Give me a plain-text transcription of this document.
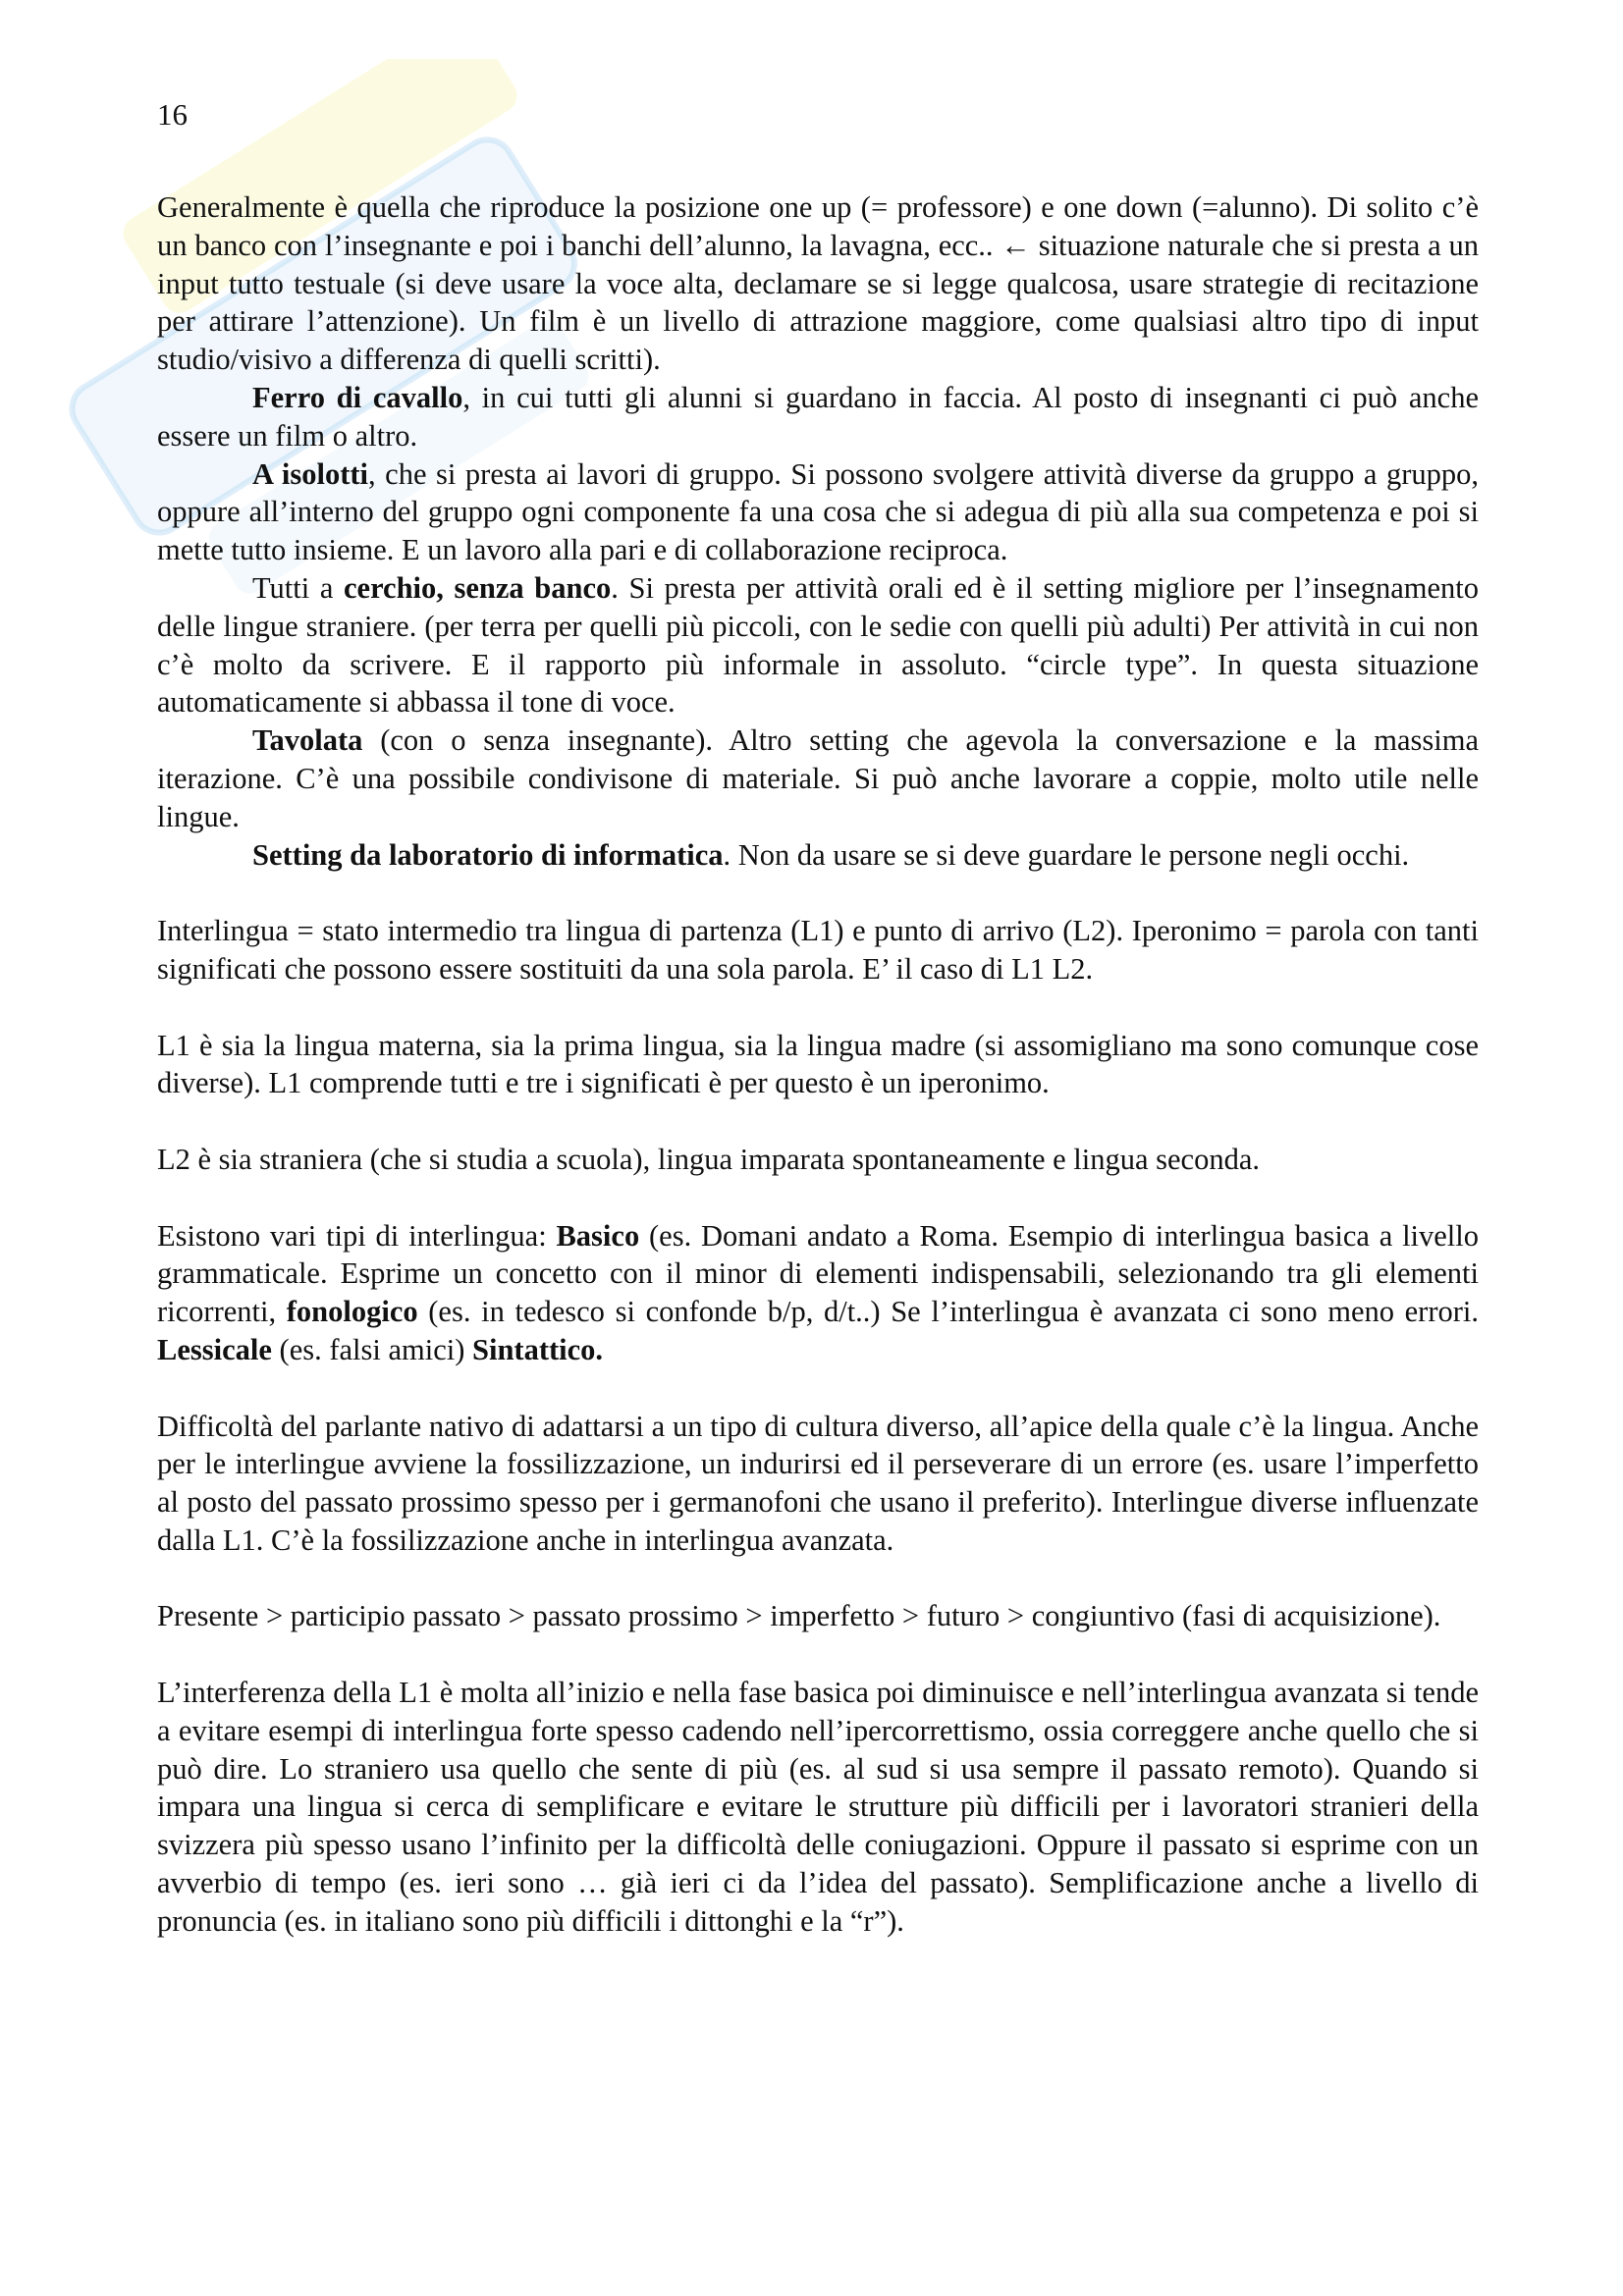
16

Generalmente è quella che riproduce la posizione one up (= professore) e one down (=alunno). Di solito c’è un banco con l’insegnante e poi i banchi dell’alunno, la lavagna, ecc.. ← situazione naturale che si presta a un input tutto testuale (si deve usare la voce alta, declamare se si legge qualcosa, usare strategie di recitazione per attirare l’attenzione). Un film è un livello di attrazione maggiore, come qualsiasi altro tipo di input studio/visivo a differenza di quelli scritti).

Ferro di cavallo, in cui tutti gli alunni si guardano in faccia. Al posto di insegnanti ci può anche essere un film o altro.

A isolotti, che si presta ai lavori di gruppo. Si possono svolgere attività diverse da gruppo a gruppo, oppure all’interno del gruppo ogni componente fa una cosa che si adegua di più alla sua competenza e poi si mette tutto insieme. E un lavoro alla pari e di collaborazione reciproca.

Tutti a cerchio, senza banco. Si presta per attività orali ed è il setting migliore per l’insegnamento delle lingue straniere. (per terra per quelli più piccoli, con le sedie con quelli più adulti) Per attività in cui non c’è molto da scrivere. E il rapporto più informale in assoluto. “circle type”. In questa situazione automaticamente si abbassa il tone di voce.

Tavolata (con o senza insegnante). Altro setting che agevola la conversazione e la massima iterazione. C’è una possibile condivisone di materiale. Si può anche lavorare a coppie, molto utile nelle lingue.

Setting da laboratorio di informatica. Non da usare se si deve guardare le persone negli occhi.

Interlingua = stato intermedio tra lingua di partenza (L1) e punto di arrivo (L2). Iperonimo = parola con tanti significati che possono essere sostituiti da una sola parola. E’ il caso di L1 L2.

L1 è sia la lingua materna, sia la prima lingua, sia la lingua madre (si assomigliano ma sono comunque cose diverse). L1 comprende tutti e tre i significati è per questo è un iperonimo.

L2 è sia straniera (che si studia a scuola), lingua imparata spontaneamente e lingua seconda.

Esistono vari tipi di interlingua: Basico (es. Domani andato a Roma. Esempio di interlingua basica a livello grammaticale. Esprime un concetto con il minor di elementi indispensabili, selezionando tra gli elementi ricorrenti, fonologico (es. in tedesco si confonde b/p, d/t..) Se l’interlingua è avanzata ci sono meno errori. Lessicale (es. falsi amici) Sintattico.

Difficoltà del parlante nativo di adattarsi a un tipo di cultura diverso, all’apice della quale c’è la lingua. Anche per le interlingue avviene la fossilizzazione, un indurirsi ed il perseverare di un errore (es. usare l’imperfetto al posto del passato prossimo spesso per i germanofoni che usano il preferito). Interlingue diverse influenzate dalla L1. C’è la fossilizzazione anche in interlingua avanzata.

Presente > participio passato > passato prossimo > imperfetto > futuro > congiuntivo (fasi di acquisizione).

L’interferenza della L1 è molta all’inizio e nella fase basica poi diminuisce e nell’interlingua avanzata si tende a evitare esempi di interlingua forte spesso cadendo nell’ipercorrettismo, ossia correggere anche quello che si può dire. Lo straniero usa quello che sente di più (es. al sud si usa sempre il passato remoto). Quando si impara una lingua si cerca di semplificare e evitare le strutture più difficili per i lavoratori stranieri della svizzera più spesso usano l’infinito per la difficoltà delle coniugazioni. Oppure il passato si esprime con un avverbio di tempo (es. ieri sono … già ieri ci da l’idea del passato). Semplificazione anche a livello di pronuncia (es. in italiano sono più difficili i dittonghi e la “r”).
